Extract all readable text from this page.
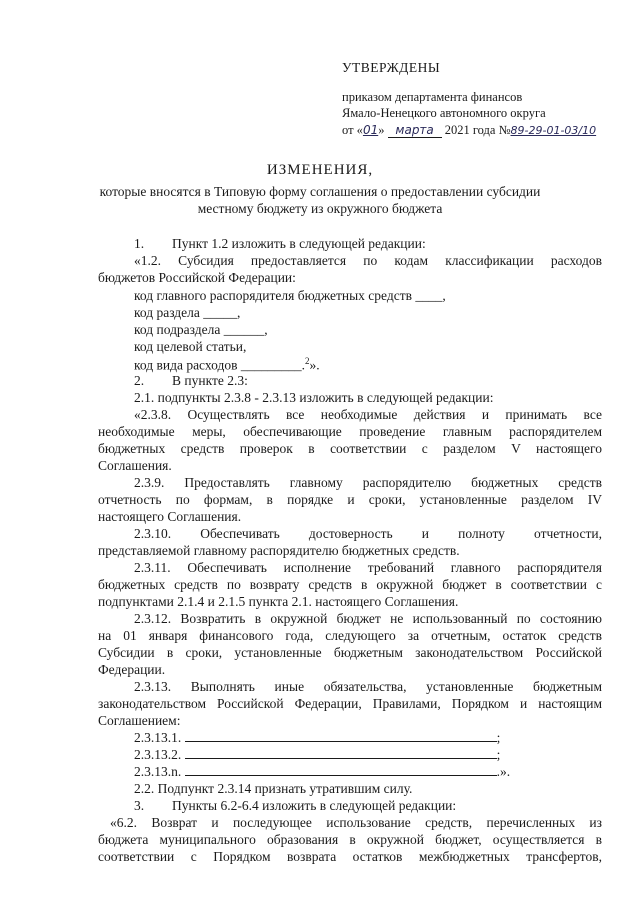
УТВЕРЖДЕНЫ
приказом департамента финансов
Ямало-Ненецкого автономного округа
от «01» марта 2021 года №89-29-01-03/10
ИЗМЕНЕНИЯ,
которые вносятся в Типовую форму соглашения о предоставлении субсидии
местному бюджету из окружного бюджета
1. Пункт 1.2 изложить в следующей редакции:
«1.2. Субсидия предоставляется по кодам классификации расходов
бюджетов Российской Федерации:
код главного распорядителя бюджетных средств ____,
код раздела _____,
код подраздела ______,
код целевой статьи,
код вида расходов _________.$^2$».
2. В пункте 2.3:
2.1. подпункты 2.3.8 - 2.3.13 изложить в следующей редакции:
«2.3.8. Осуществлять все необходимые действия и принимать все
необходимые меры, обеспечивающие проведение главным распорядителем
бюджетных средств проверок в соответствии с разделом V настоящего
Соглашения.
2.3.9. Предоставлять главному распорядителю бюджетных средств
отчетность по формам, в порядке и сроки, установленные разделом IV
настоящего Соглашения.
2.3.10. Обеспечивать достоверность и полноту отчетности,
представляемой главному распорядителю бюджетных средств.
2.3.11. Обеспечивать исполнение требований главного распорядителя
бюджетных средств по возврату средств в окружной бюджет в соответствии с
подпунктами 2.1.4 и 2.1.5 пункта 2.1. настоящего Соглашения.
2.3.12. Возвратить в окружной бюджет не использованный по состоянию
на 01 января финансового года, следующего за отчетным, остаток средств
Субсидии в сроки, установленные бюджетным законодательством Российской
Федерации.
2.3.13. Выполнять иные обязательства, установленные бюджетным
законодательством Российской Федерации, Правилами, Порядком и настоящим
Соглашением:
2.3.13.1.	;
2.3.13.2.	;
2.3.13.n.	.».
2.2. Подпункт 2.3.14 признать утратившим силу.
3. Пункты 6.2-6.4 изложить в следующей редакции:
«6.2. Возврат и последующее использование средств, перечисленных из
бюджета муниципального образования в окружной бюджет, осуществляется в
соответствии с Порядком возврата остатков межбюджетных трансфертов,
